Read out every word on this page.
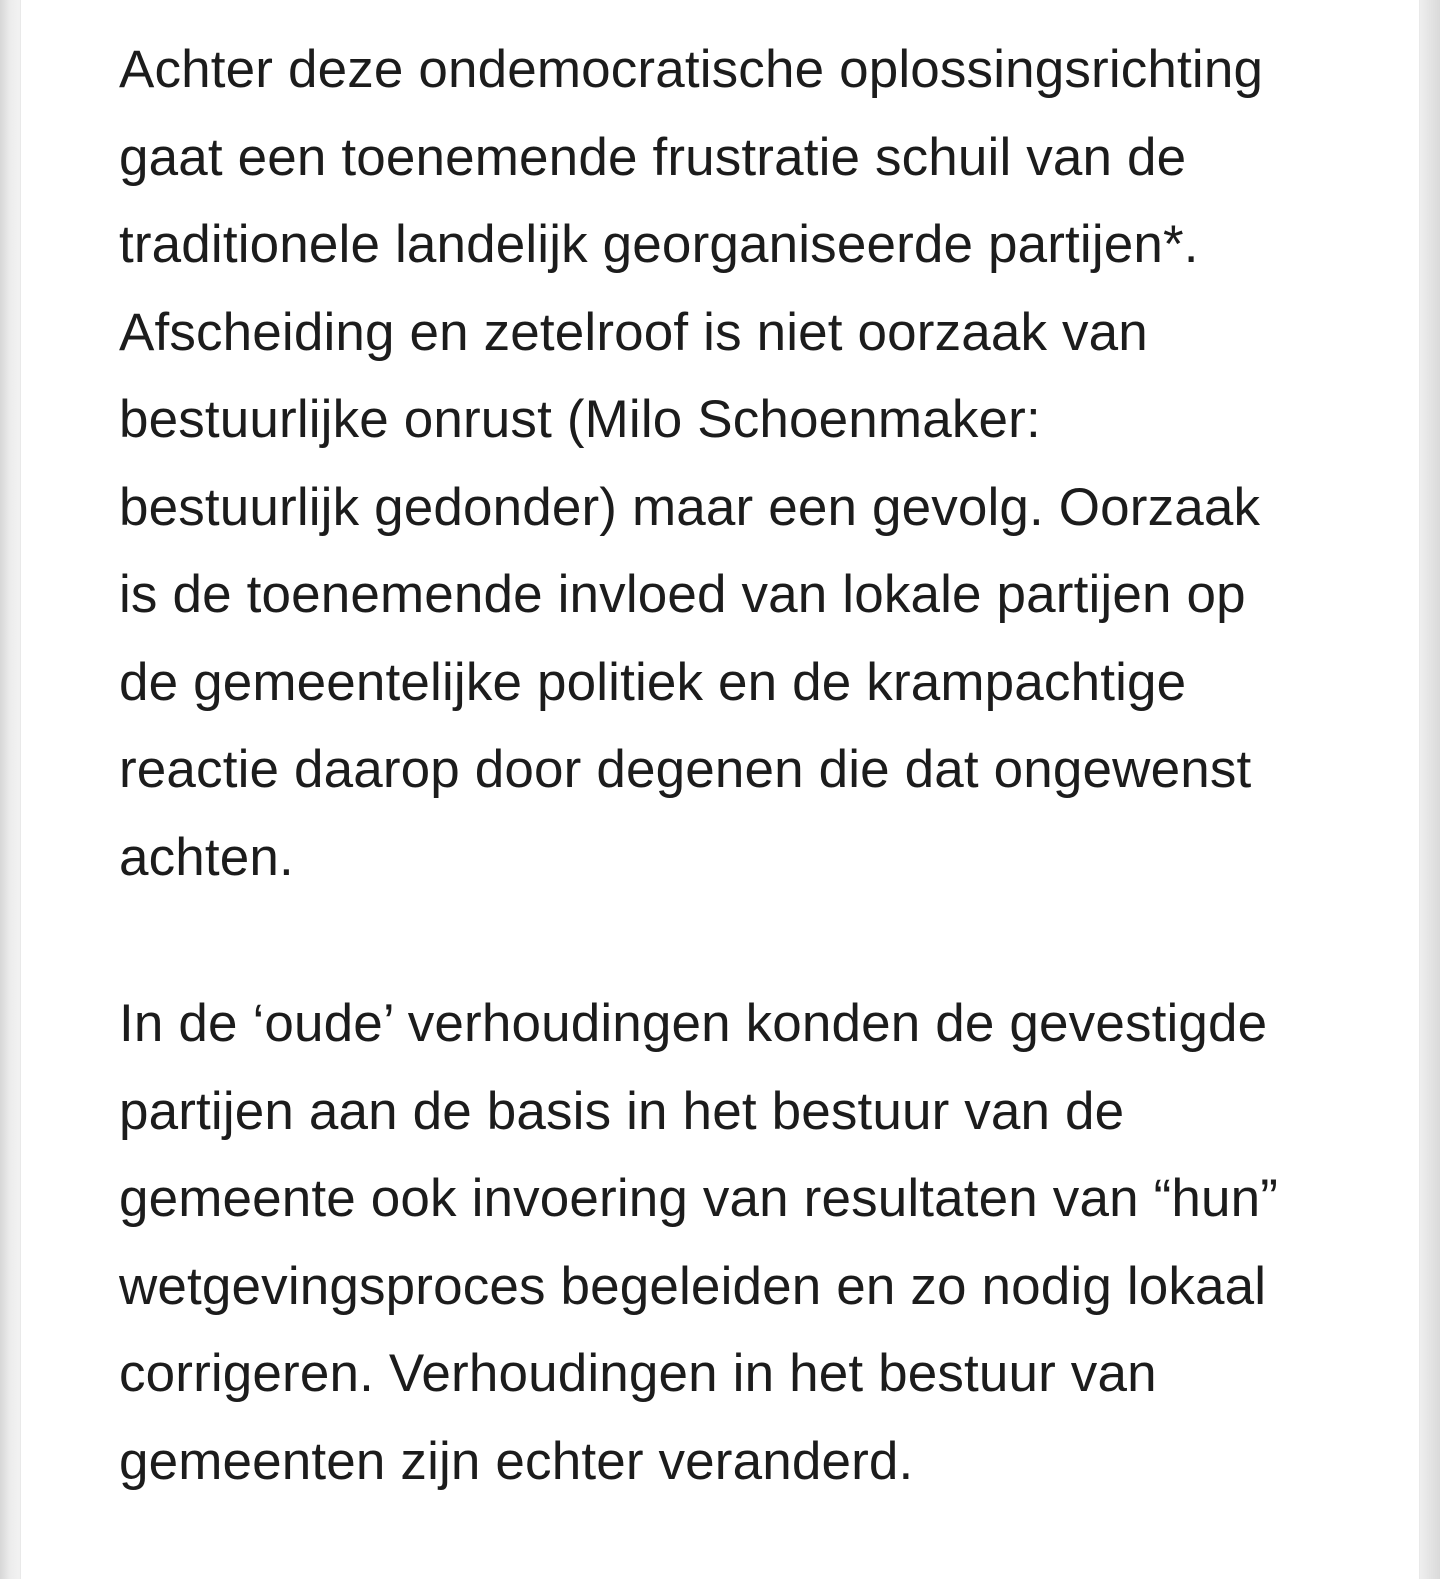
Achter deze ondemocratische oplossingsrichting
gaat een toenemende frustratie schuil van de
traditionele landelijk georganiseerde partijen*.
Afscheiding en zetelroof is niet oorzaak van
bestuurlijke onrust (Milo Schoenmaker:
bestuurlijk gedonder) maar een gevolg. Oorzaak
is de toenemende invloed van lokale partijen op
de gemeentelijke politiek en de krampachtige
reactie daarop door degenen die dat ongewenst
achten.

In de ‘oude’ verhoudingen konden de gevestigde
partijen aan de basis in het bestuur van de
gemeente ook invoering van resultaten van “hun”
wetgevingsproces begeleiden en zo nodig lokaal
corrigeren. Verhoudingen in het bestuur van
gemeenten zijn echter veranderd.
